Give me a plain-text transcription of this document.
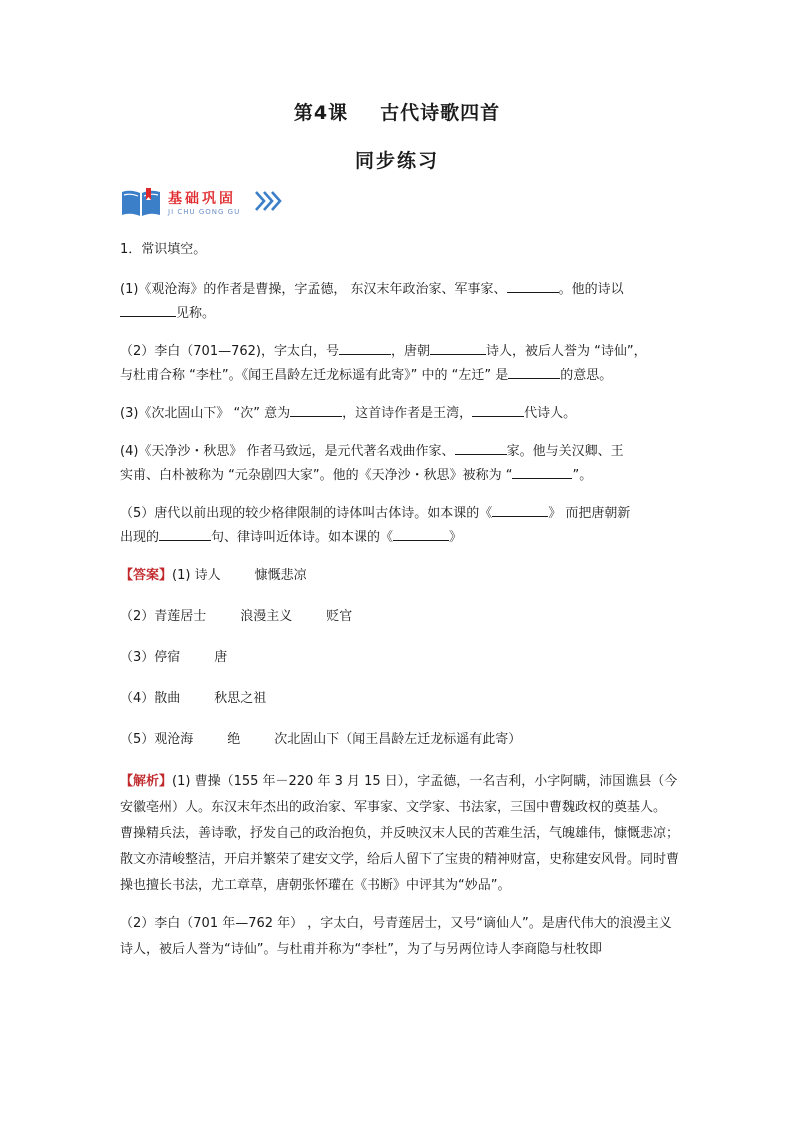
第4课 古代诗歌四首
同步练习
基础巩固
JI CHU GONG GU

1．常识填空。

(1)《观沧海》的作者是曹操，字孟德， 东汉末年政治家、军事家、	。他的诗以
见称。

（2）李白（701—762)，字太白，号	，唐朝	诗人，被后人誉为 “诗仙”，
与杜甫合称 “李杜”。《闻王昌龄左迁龙标遥有此寄》” 中的 “左迁” 是	的意思。

(3)《次北固山下》 “次” 意为	，这首诗作者是王湾，	代诗人。

(4)《天净沙・秋思》 作者马致远，是元代著名戏曲作家、	家。他与关汉卿、王
实甫、白朴被称为 “元杂剧四大家”。他的《天净沙・秋思》被称为 “	”。

（5）唐代以前出现的较少格律限制的诗体叫古体诗。如本课的《	》 而把唐朝新
出现的	句、律诗叫近体诗。如本课的《	》

【答案】(1) 诗人	慷慨悲凉

（2）青莲居士	浪漫主义	贬官

（3）停宿	唐

（4）散曲	秋思之祖

（5）观沧海	绝	次北固山下（闻王昌龄左迁龙标遥有此寄）

【解析】(1) 曹操（155 年－220 年 3 月 15 日），字孟德，一名吉利，小字阿瞒，沛国谯县（今安徽亳州）人。东汉末年杰出的政治家、军事家、文学家、书法家，三国中曹魏政权的奠基人。 曹操精兵法，善诗歌，抒发自己的政治抱负，并反映汉末人民的苦难生活，气魄雄伟，慷慨悲凉；散文亦清峻整洁，开启并繁荣了建安文学，给后人留下了宝贵的精神财富，史称建安风骨。同时曹操也擅长书法，尤工章草，唐朝张怀瓘在《书断》中评其为“妙品”。

（2）李白（701 年—762 年） ，字太白，号青莲居士，又号“谪仙人”。是唐代伟大的浪漫主义诗人，被后人誉为“诗仙”。与杜甫并称为“李杜”，为了与另两位诗人李商隐与杜牧即
